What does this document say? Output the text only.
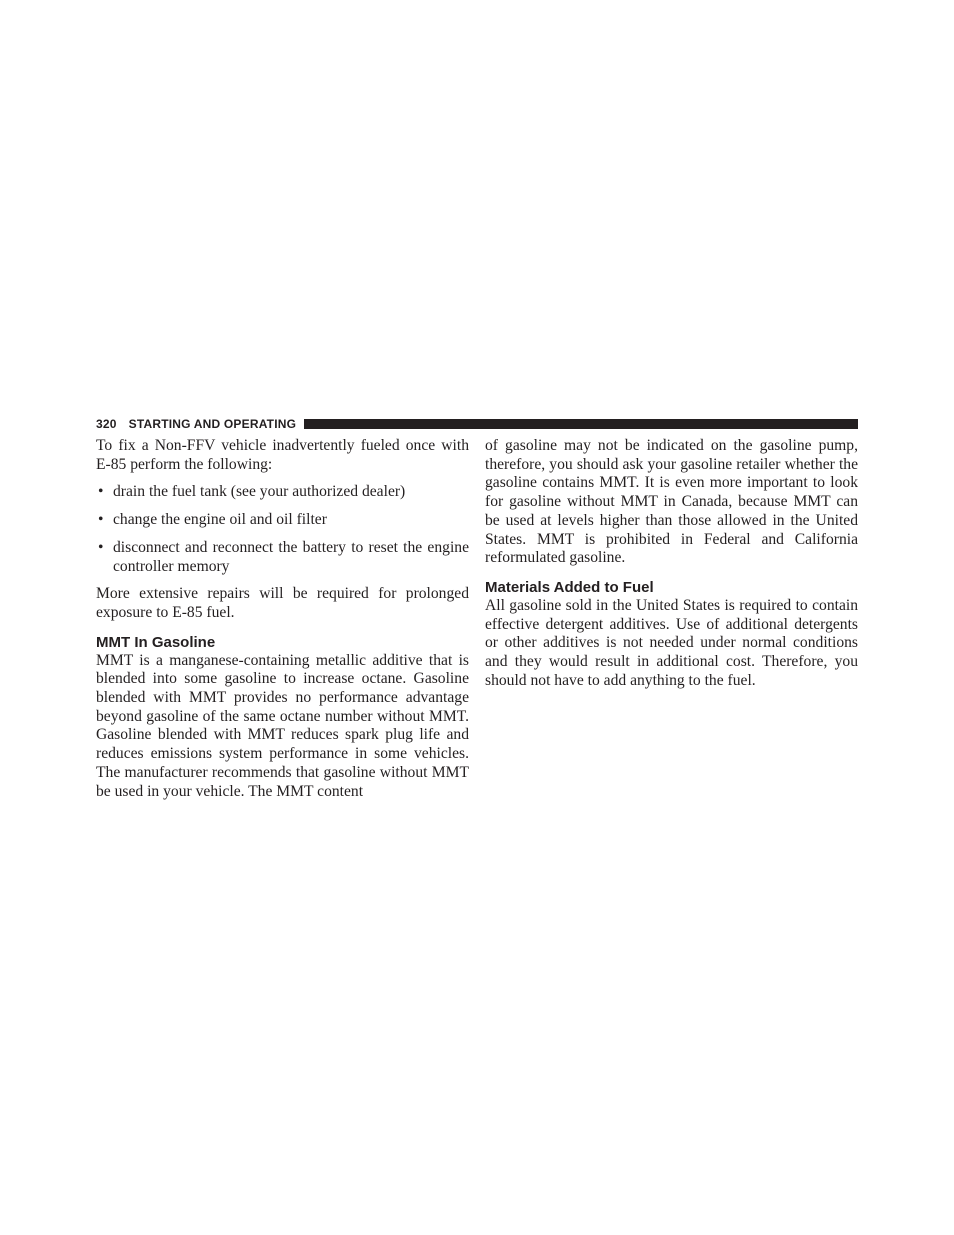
320 STARTING AND OPERATING

To fix a Non-FFV vehicle inadvertently fueled once with E-85 perform the following:

• drain the fuel tank (see your authorized dealer)
• change the engine oil and oil filter
• disconnect and reconnect the battery to reset the engine controller memory

More extensive repairs will be required for prolonged exposure to E-85 fuel.

MMT In Gasoline

MMT is a manganese-containing metallic additive that is blended into some gasoline to increase octane. Gasoline blended with MMT provides no performance advantage beyond gasoline of the same octane number without MMT. Gasoline blended with MMT reduces spark plug life and reduces emissions system performance in some vehicles. The manufacturer recommends that gasoline without MMT be used in your vehicle. The MMT content

of gasoline may not be indicated on the gasoline pump, therefore, you should ask your gasoline retailer whether the gasoline contains MMT. It is even more important to look for gasoline without MMT in Canada, because MMT can be used at levels higher than those allowed in the United States. MMT is prohibited in Federal and California reformulated gasoline.

Materials Added to Fuel

All gasoline sold in the United States is required to contain effective detergent additives. Use of additional detergents or other additives is not needed under normal conditions and they would result in additional cost. Therefore, you should not have to add anything to the fuel.
